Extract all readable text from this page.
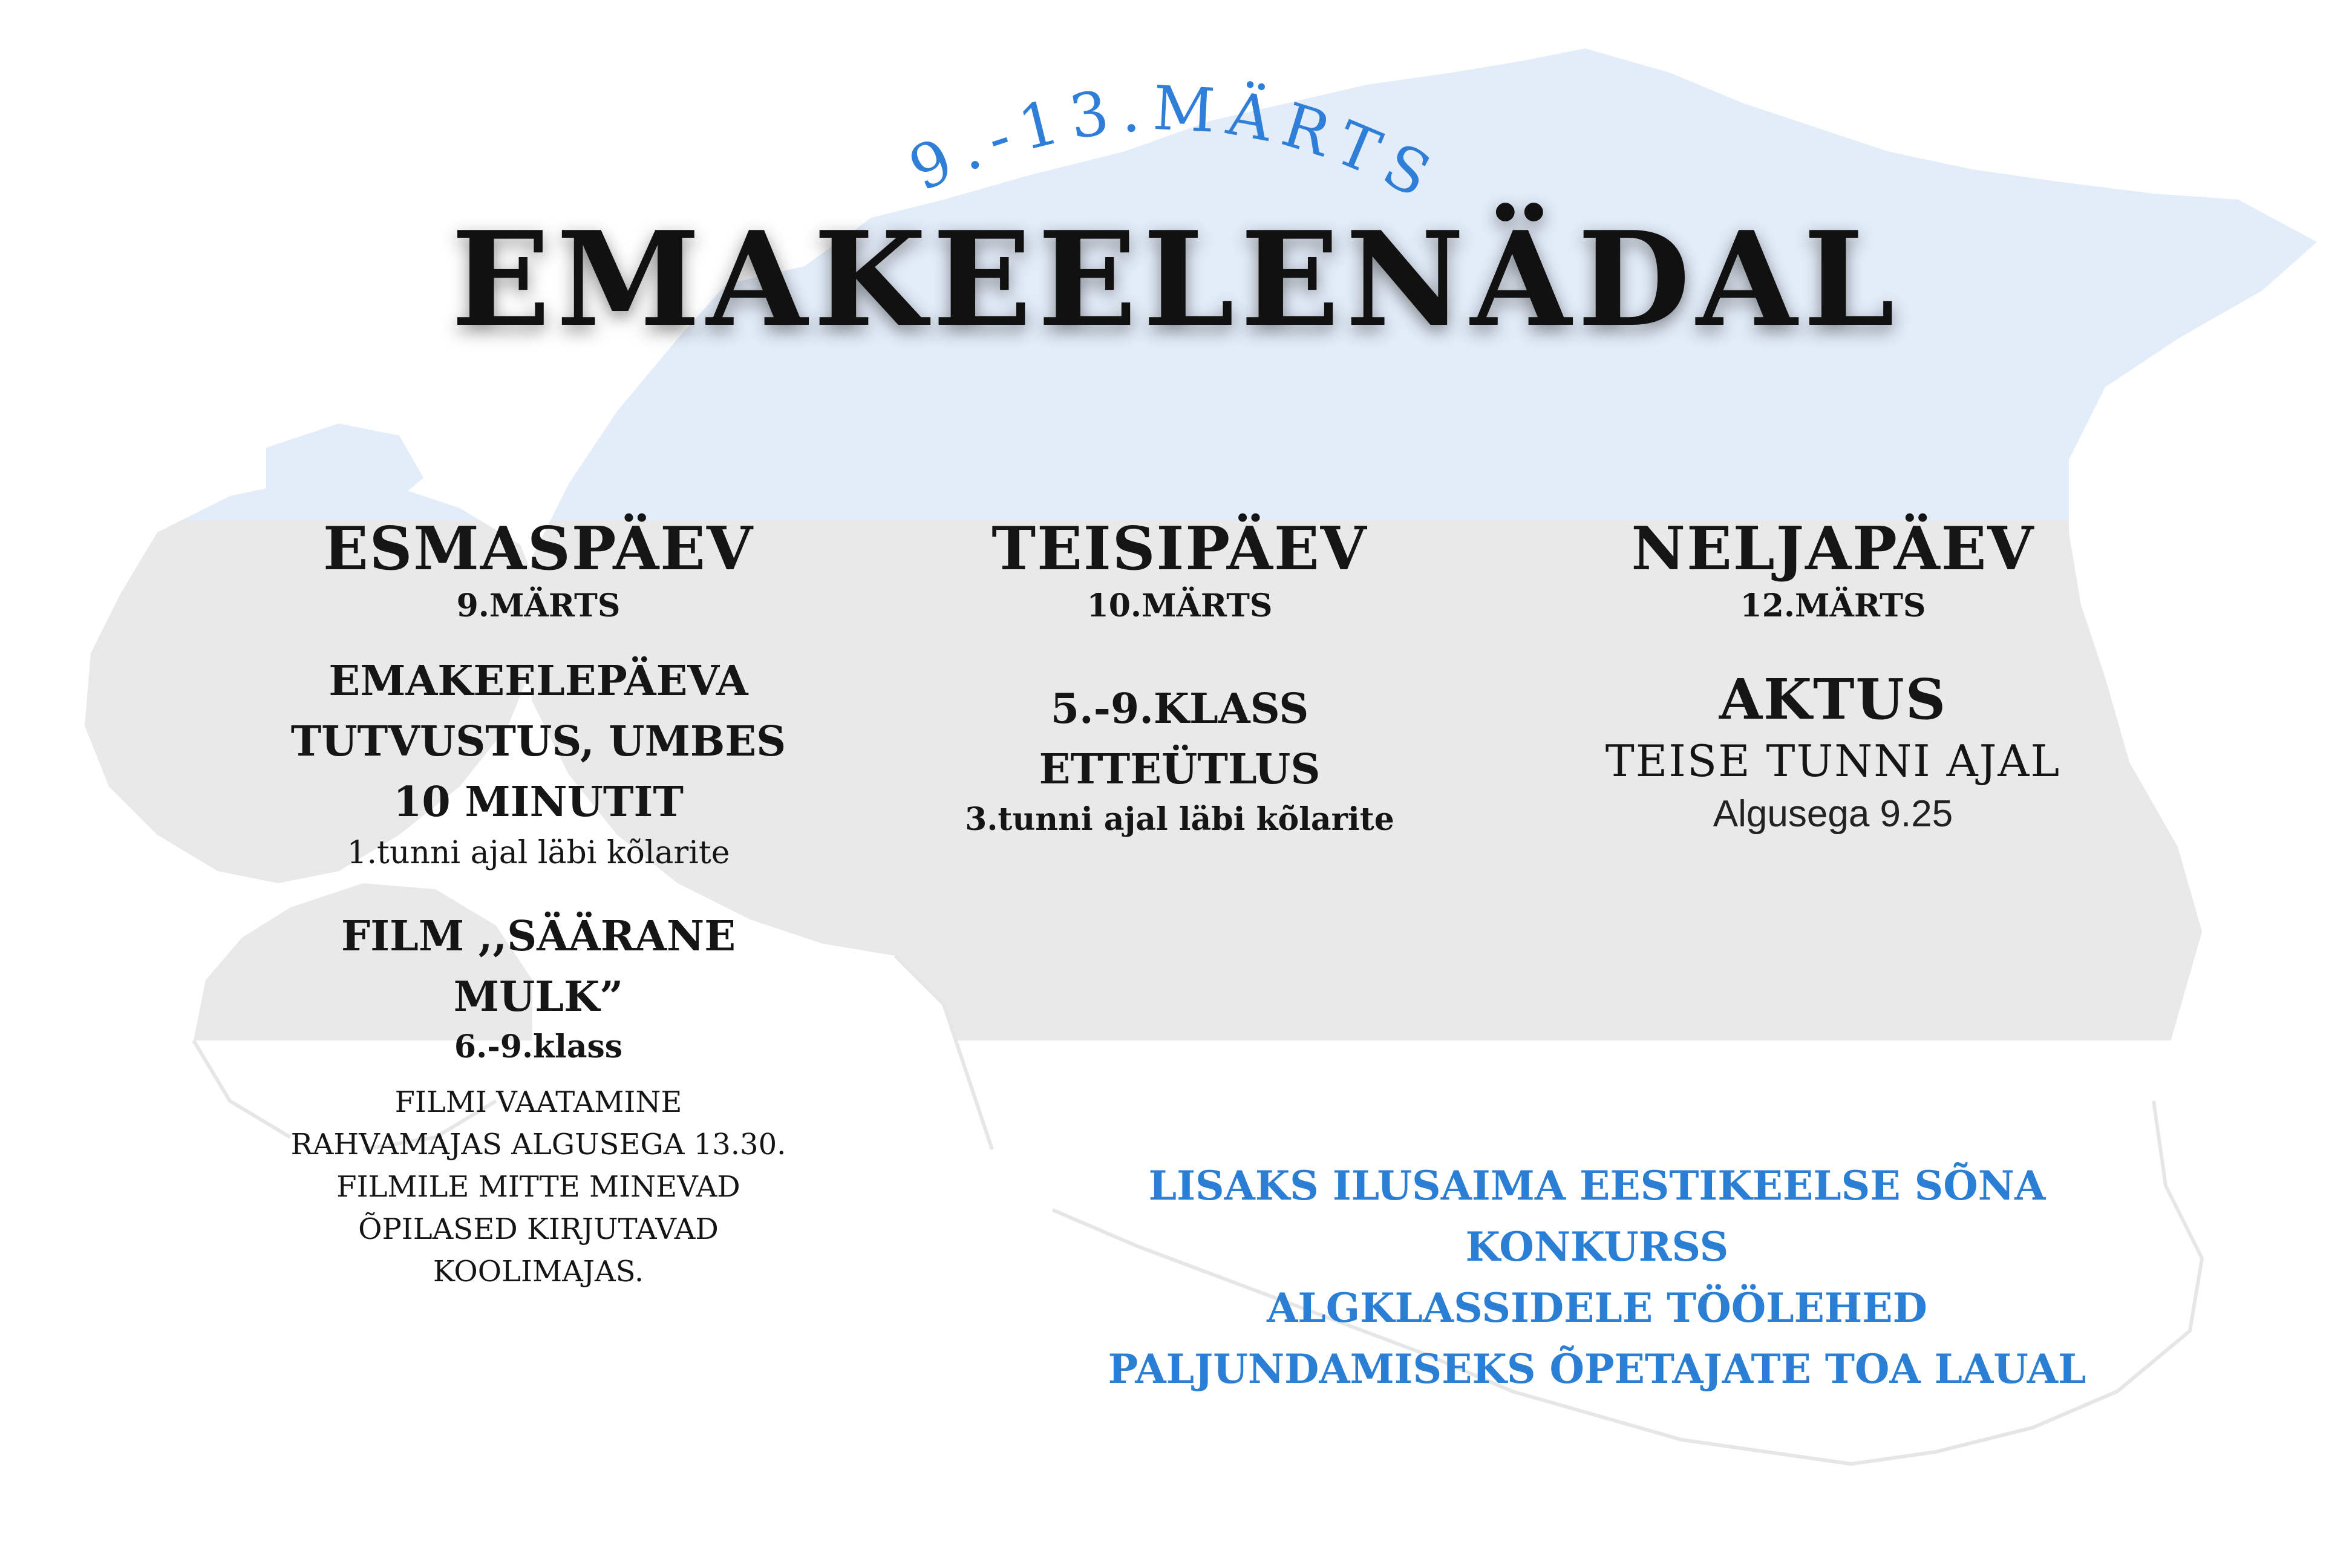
9.-13.MÄRTS
EMAKEELENÄDAL
ESMASPÄEV
9.MÄRTS
EMAKEELEPÄEVA
TUTVUSTUS, UMBES
10 MINUTIT
1.tunni ajal läbi kõlarite
FILM ,,SÄÄRANE
MULK”
6.-9.klass
FILMI VAATAMINE
RAHVAMAJAS ALGUSEGA 13.30.
FILMILE MITTE MINEVAD
ÕPILASED KIRJUTAVAD
KOOLIMAJAS.
TEISIPÄEV
10.MÄRTS
5.-9.KLASS
ETTEÜTLUS
3.tunni ajal läbi kõlarite
NELJAPÄEV
12.MÄRTS
AKTUS
TEISE TUNNI AJAL
Algusega 9.25
LISAKS ILUSAIMA EESTIKEELSE SÕNA
KONKURSS
ALGKLASSIDELE TÖÖLEHED
PALJUNDAMISEKS ÕPETAJATE TOA LAUAL
